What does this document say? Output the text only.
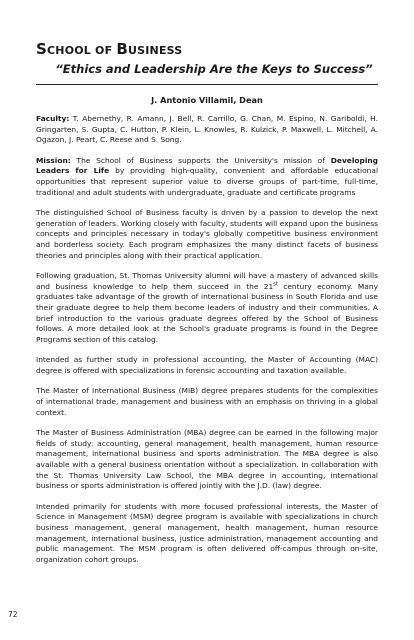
SCHOOL OF BUSINESS
“Ethics and Leadership Are the Keys to Success”
J. Antonio Villamil, Dean

Faculty: T. Abernethy, R. Amann, J. Bell, R. Carrillo, G. Chan, M. Espino, N. Gariboldi, H. Gringarten, S. Gupta, C. Hutton, P. Klein, L. Knowles, R. Kulzick, P. Maxwell, L. Mitchell, A. Ogazon, J. Peart, C. Reese and S. Song.

Mission: The School of Business supports the University's mission of Developing Leaders for Life by providing high-quality, convenient and affordable educational opportunities that represent superior value to diverse groups of part-time, full-time, traditional and adult students with undergraduate, graduate and certificate programs

The distinguished School of Business faculty is driven by a passion to develop the next generation of leaders. Working closely with faculty, students will expand upon the business concepts and principles necessary in today's globally competitive business environment and borderless society. Each program emphasizes the many distinct facets of business theories and principles along with their practical application.

Following graduation, St. Thomas University alumni will have a mastery of advanced skills and business knowledge to help them succeed in the 21st century economy. Many graduates take advantage of the growth of international business in South Florida and use their graduate degree to help them become leaders of industry and their communities. A brief introduction to the various graduate degrees offered by the School of Business follows. A more detailed look at the School's graduate programs is found in the Degree Programs section of this catalog.

Intended as further study in professional accounting, the Master of Accounting (MAC) degree is offered with specializations in forensic accounting and taxation available.

The Master of International Business (MIB) degree prepares students for the complexities of international trade, management and business with an emphasis on thriving in a global context.

The Master of Business Administration (MBA) degree can be earned in the following major fields of study: accounting, general management, health management, human resource management, international business and sports administration. The MBA degree is also available with a general business orientation without a specialization. In collaboration with the St. Thomas University Law School, the MBA degree in accounting, international business or sports administration is offered jointly with the J.D. (law) degree.

Intended primarily for students with more focused professional interests, the Master of Science in Management (MSM) degree program is available with specializations in church business management, general management, health management, human resource management, international business, justice administration, management accounting and public management. The MSM program is often delivered off-campus through on-site, organization cohort groups.

72
